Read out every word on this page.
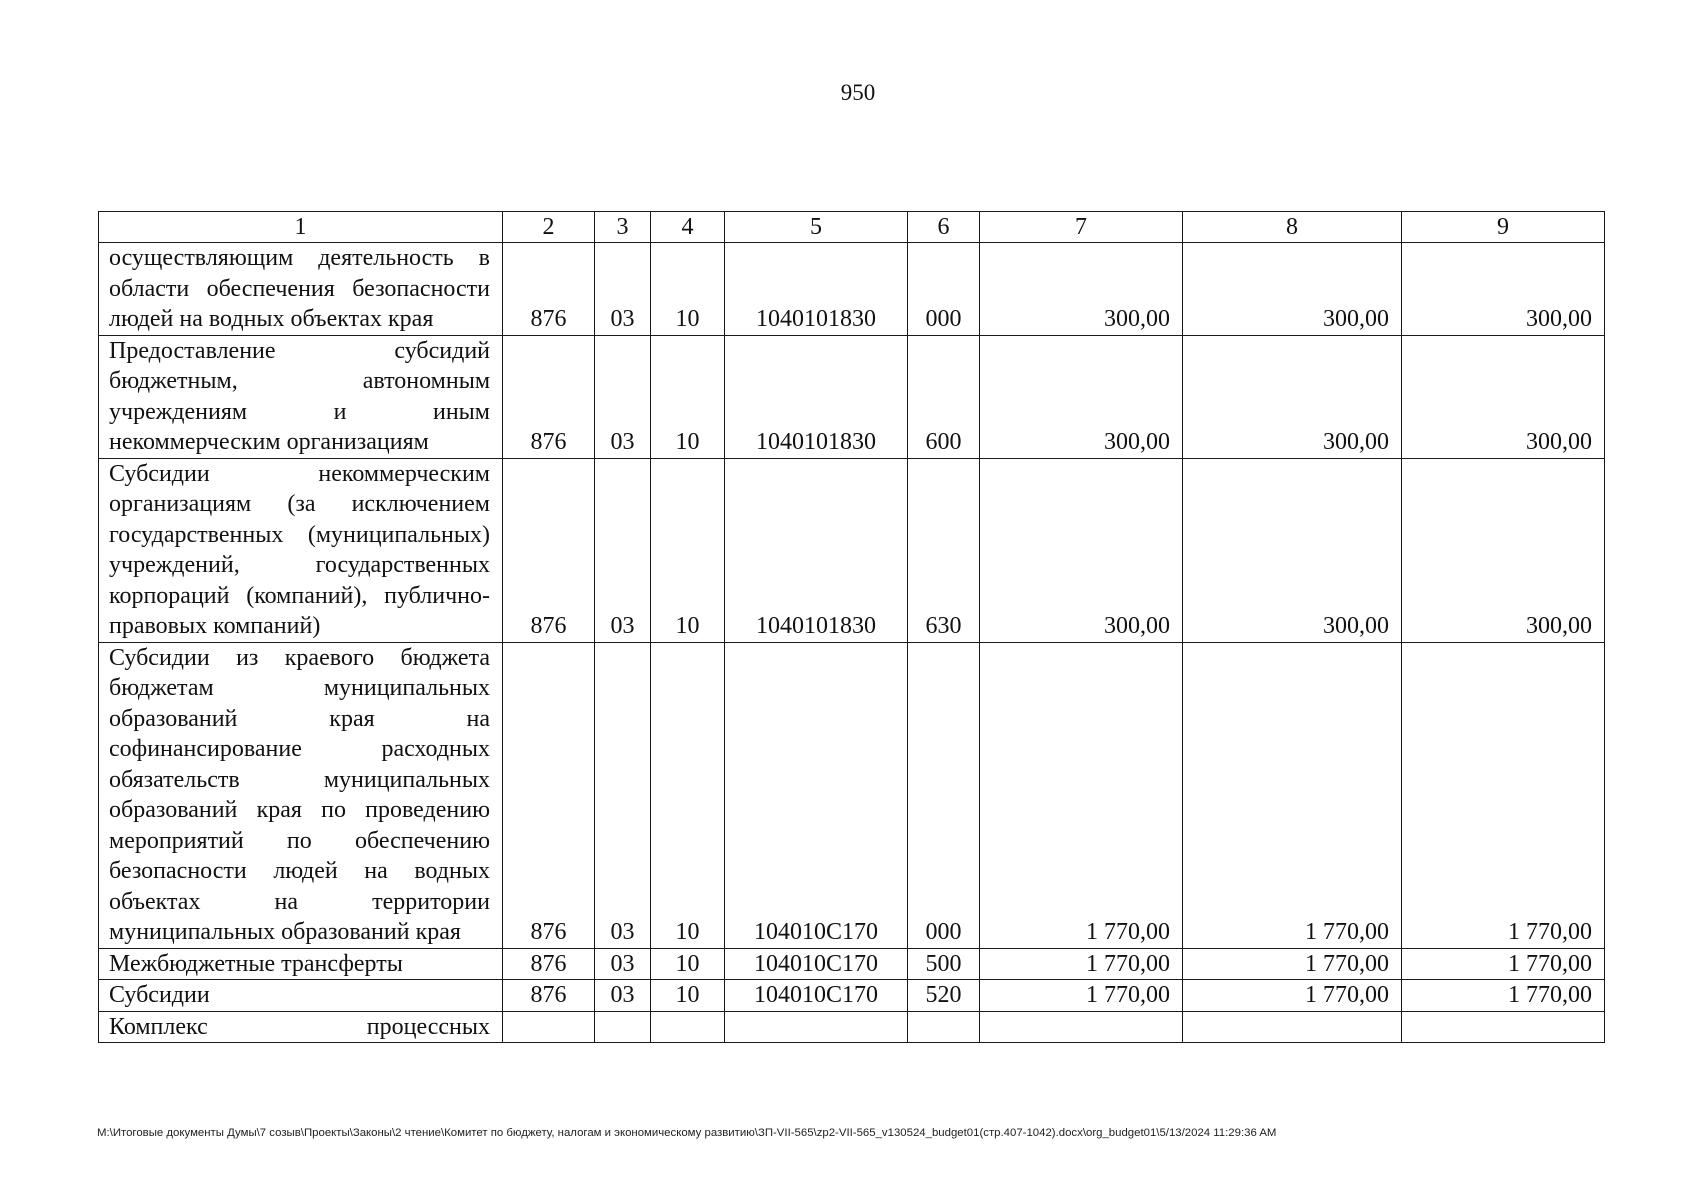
950
1	2	3	4	5	6	7	8	9
осуществляющим деятельность в области обеспечения безопасности людей на водных объектах края	876	03	10	1040101830	000	300,00	300,00	300,00
Предоставление субсидий бюджетным, автономным учреждениям и иным некоммерческим организациям	876	03	10	1040101830	600	300,00	300,00	300,00
Субсидии некоммерческим организациям (за исключением государственных (муниципальных) учреждений, государственных корпораций (компаний), публично-правовых компаний)	876	03	10	1040101830	630	300,00	300,00	300,00
Субсидии из краевого бюджета бюджетам муниципальных образований края на софинансирование расходных обязательств муниципальных образований края по проведению мероприятий по обеспечению безопасности людей на водных объектах на территории муниципальных образований края	876	03	10	104010С170	000	1 770,00	1 770,00	1 770,00
Межбюджетные трансферты	876	03	10	104010С170	500	1 770,00	1 770,00	1 770,00
Субсидии	876	03	10	104010С170	520	1 770,00	1 770,00	1 770,00
Комплекс процессных								
M:\Итоговые документы Думы\7 созыв\Проекты\Законы\2 чтение\Комитет по бюджету, налогам и экономическому развитию\ЗП-VII-565\zp2-VII-565_v130524_budget01(стр.407-1042).docx\org_budget01\5/13/2024 11:29:36 AM
